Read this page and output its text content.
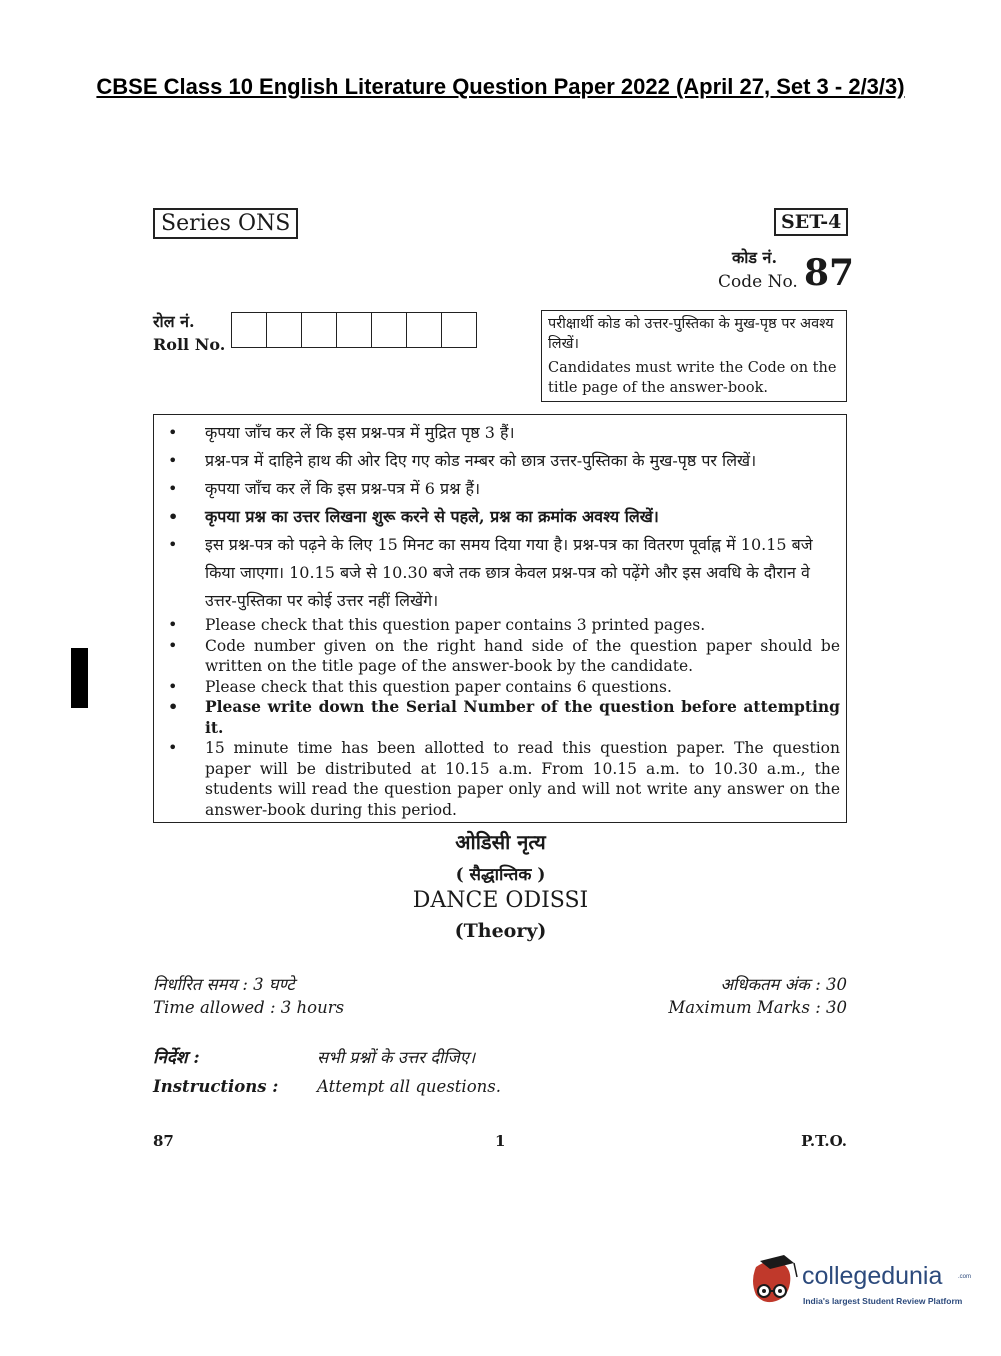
CBSE Class 10 English Literature Question Paper 2022 (April 27, Set 3 - 2/3/3)
Series ONS	SET-4
कोड नं.
Code No. 87
रोल नं.
Roll No.
परीक्षार्थी कोड को उत्तर-पुस्तिका के मुख-पृष्ठ पर अवश्य लिखें।
Candidates must write the Code on the title page of the answer-book.
• कृपया जाँच कर लें कि इस प्रश्न-पत्र में मुद्रित पृष्ठ 3 हैं।
• प्रश्न-पत्र में दाहिने हाथ की ओर दिए गए कोड नम्बर को छात्र उत्तर-पुस्तिका के मुख-पृष्ठ पर लिखें।
• कृपया जाँच कर लें कि इस प्रश्न-पत्र में 6 प्रश्न हैं।
• कृपया प्रश्न का उत्तर लिखना शुरू करने से पहले, प्रश्न का क्रमांक अवश्य लिखें।
• इस प्रश्न-पत्र को पढ़ने के लिए 15 मिनट का समय दिया गया है। प्रश्न-पत्र का वितरण पूर्वाह्न में 10.15 बजे किया जाएगा। 10.15 बजे से 10.30 बजे तक छात्र केवल प्रश्न-पत्र को पढ़ेंगे और इस अवधि के दौरान वे उत्तर-पुस्तिका पर कोई उत्तर नहीं लिखेंगे।
• Please check that this question paper contains 3 printed pages.
• Code number given on the right hand side of the question paper should be written on the title page of the answer-book by the candidate.
• Please check that this question paper contains 6 questions.
• Please write down the Serial Number of the question before attempting it.
• 15 minute time has been allotted to read this question paper. The question paper will be distributed at 10.15 a.m. From 10.15 a.m. to 10.30 a.m., the students will read the question paper only and will not write any answer on the answer-book during this period.
ओडिसी नृत्य
( सैद्धान्तिक )
DANCE ODISSI
(Theory)
निर्धारित समय : 3 घण्टे
Time allowed : 3 hours
अधिकतम अंक : 30
Maximum Marks : 30
निर्देश :	सभी प्रश्नों के उत्तर दीजिए।
Instructions : Attempt all questions.
87	1	P.T.O.
collegedunia	.com
India's largest Student Review Platform
